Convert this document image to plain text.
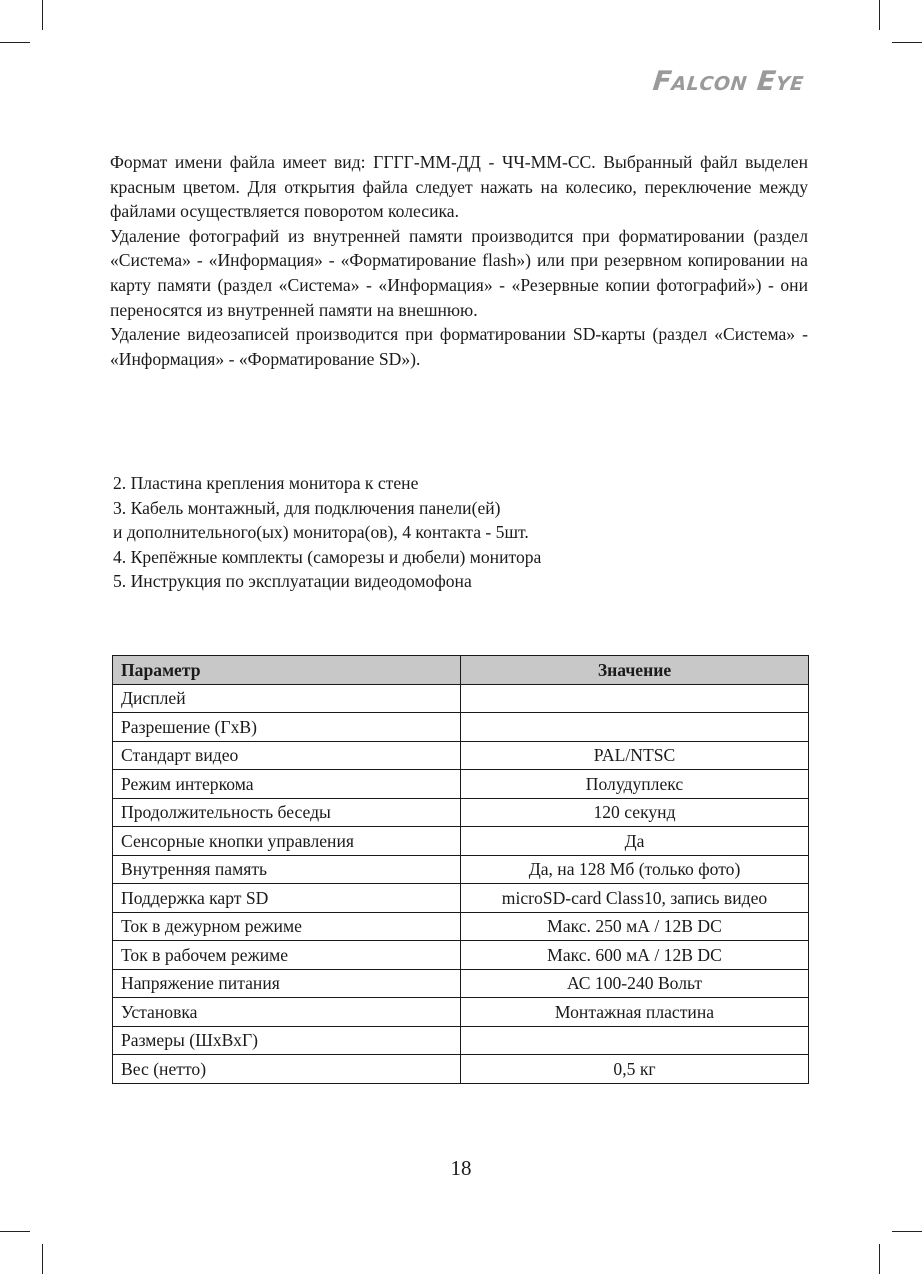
Falcon Eye

Формат имени файла имеет вид: ГГГГ-ММ-ДД - ЧЧ-ММ-СС. Выбранный файл выделен красным цветом. Для открытия файла следует нажать на колесико, переключение между файлами осуществляется поворотом колесика.

Удаление фотографий из внутренней памяти производится при форматировании (раздел «Система» - «Информация» - «Форматирование flash») или при резервном копировании на карту памяти (раздел «Система» - «Информация» - «Резервные копии фотографий») - они переносятся из внутренней памяти на внешнюю.

Удаление видеозаписей производится при форматировании SD-карты (раздел «Система» - «Информация» - «Форматирование SD»).

2. Пластина крепления монитора к стене
3. Кабель монтажный, для подключения панели(ей)
и дополнительного(ых) монитора(ов), 4 контакта - 5шт.
4. Крепёжные комплекты (саморезы и дюбели) монитора
5. Инструкция по эксплуатации видеодомофона
Параметр	Значение
Дисплей	
Разрешение (ГхВ)	
Стандарт видео	PAL/NTSC
Режим интеркома	Полудуплекс
Продолжительность беседы	120 секунд
Сенсорные кнопки управления	Да
Внутренняя память	Да, на 128 Мб (только фото)
Поддержка карт SD	microSD-card Class10, запись видео
Ток в дежурном режиме	Макс. 250 мА / 12В DC
Ток в рабочем режиме	Макс. 600 мА / 12В DC
Напряжение питания	АС 100-240 Вольт
Установка	Монтажная пластина
Размеры (ШхВхГ)	
Вес (нетто)	0,5 кг
18
